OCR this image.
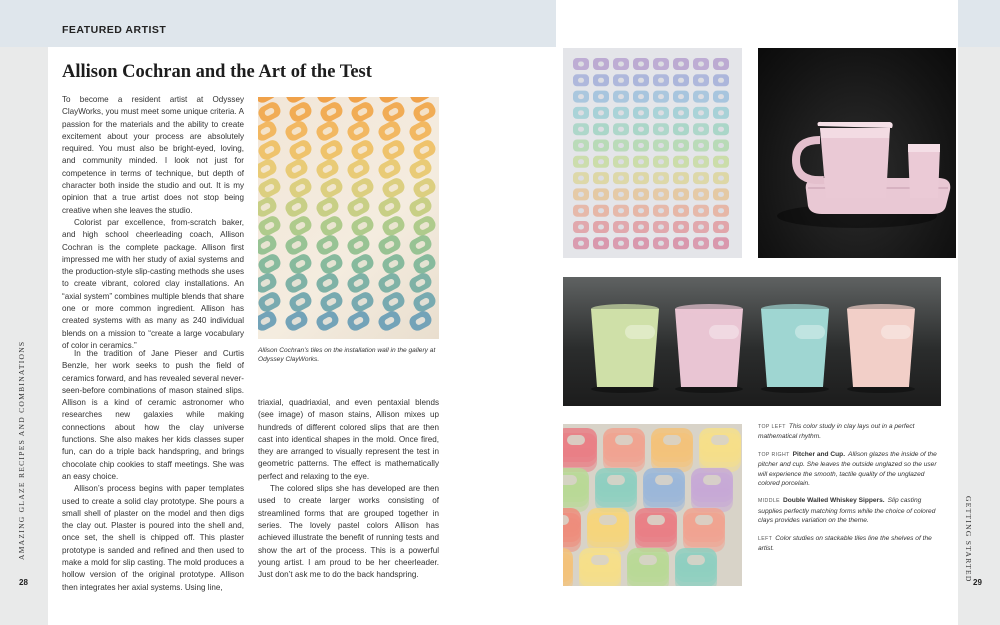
FEATURED ARTIST
AMAZING GLAZE RECIPES AND COMBINATIONS	GETTING STARTED
28	29
Allison Cochran and the Art of the Test

To become a resident artist at Odyssey ClayWorks, you must meet some unique criteria. A passion for the materials and the ability to create excitement about your process are absolutely required. You must also be bright-eyed, loving, and community minded. I look not just for competence in terms of technique, but depth of character both inside the studio and out. It is my opinion that a true artist does not stop being creative when she leaves the studio.

Colorist par excellence, from-scratch baker, and high school cheerleading coach, Allison Cochran is the complete package. Allison first impressed me with her study of axial systems and the production-style slip-casting methods she uses to create vibrant, colored clay installations. An “axial system” combines multiple blends that share one or more common ingredient. Allison has created systems with as many as 240 individual blends on a mission to “create a large vocabulary of color in ceramics.”

In the tradition of Jane Pieser and Curtis Benzle, her work seeks to push the field of ceramics forward, and has revealed several never-seen-before combinations of mason stained slips. Allison is a kind of ceramic astronomer who researches new galaxies while making connections about how the clay universe functions. She also makes her kids classes super fun, can do a triple back handspring, and brings chocolate chip cookies to staff meetings. She was an easy choice.

Allison’s process begins with paper templates used to create a solid clay prototype. She pours a small shell of plaster on the model and then digs the clay out. Plaster is poured into the shell and, once set, the shell is chipped off. This plaster prototype is sanded and refined and then used to make a mold for slip casting. The mold produces a hollow version of the original prototype. Allison then integrates her axial systems. Using line,

Allison Cochran’s tiles on the installation wall in the gallery at Odyssey ClayWorks.

triaxial, quadriaxial, and even pentaxial blends (see image) of mason stains, Allison mixes up hundreds of different colored slips that are then cast into identical shapes in the mold. Once fired, they are arranged to visually represent the test in geometric patterns. The effect is mathematically perfect and relaxing to the eye.

The colored slips she has developed are then used to create larger works consisting of streamlined forms that are grouped together in series. The lovely pastel colors Allison has achieved illustrate the benefit of running tests and show the art of the process. This is a powerful young artist. I am proud to be her cheerleader. Just don’t ask me to do the back handspring.

TOP LEFT This color study in clay lays out in a perfect mathematical rhythm.
TOP RIGHT Pitcher and Cup. Allison glazes the inside of the pitcher and cup. She leaves the outside unglazed so the user will experience the smooth, tactile quality of the unglazed colored porcelain.
MIDDLE Double Walled Whiskey Sippers. Slip casting supplies perfectly matching forms while the choice of colored clays provides variation on the theme.
LEFT Color studies on stackable tiles line the shelves of the artist.
